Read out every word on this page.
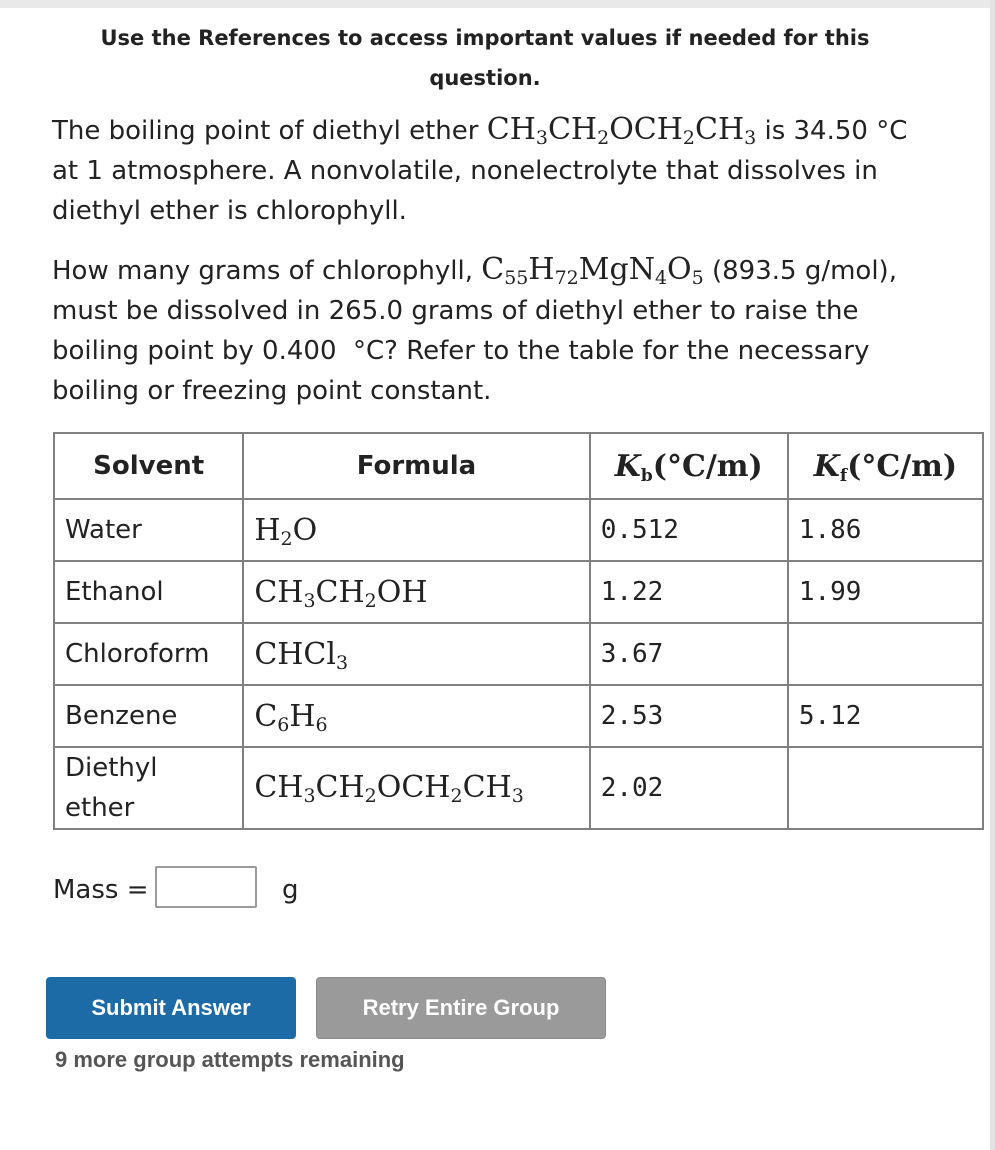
Use the References to access important values if needed for this question.
The boiling point of diethyl ether $CH_3CH_2OCH_2CH_3$ is 34.50 °C at 1 atmosphere. A nonvolatile, nonelectrolyte that dissolves in diethyl ether is chlorophyll.
How many grams of chlorophyll, $C_{55}H_{72}MgN_4O_5$ (893.5 g/mol), must be dissolved in 265.0 grams of diethyl ether to raise the boiling point by 0.400  °C? Refer to the table for the necessary boiling or freezing point constant.
Solvent	Formula	$K_b(^\circ C/m)$	$K_f(^\circ C/m)$
Water	$H_2O$	0.512	1.86
Ethanol	$CH_3CH_2OH$	1.22	1.99
Chloroform	CHCl$_3$	3.67	
Benzene	$C_6H_6$	2.53	5.12
Diethyl ether	$CH_3CH_2OCH_2CH_3$	2.02	
Mass =	g
Submit Answer	Retry Entire Group
9 more group attempts remaining
